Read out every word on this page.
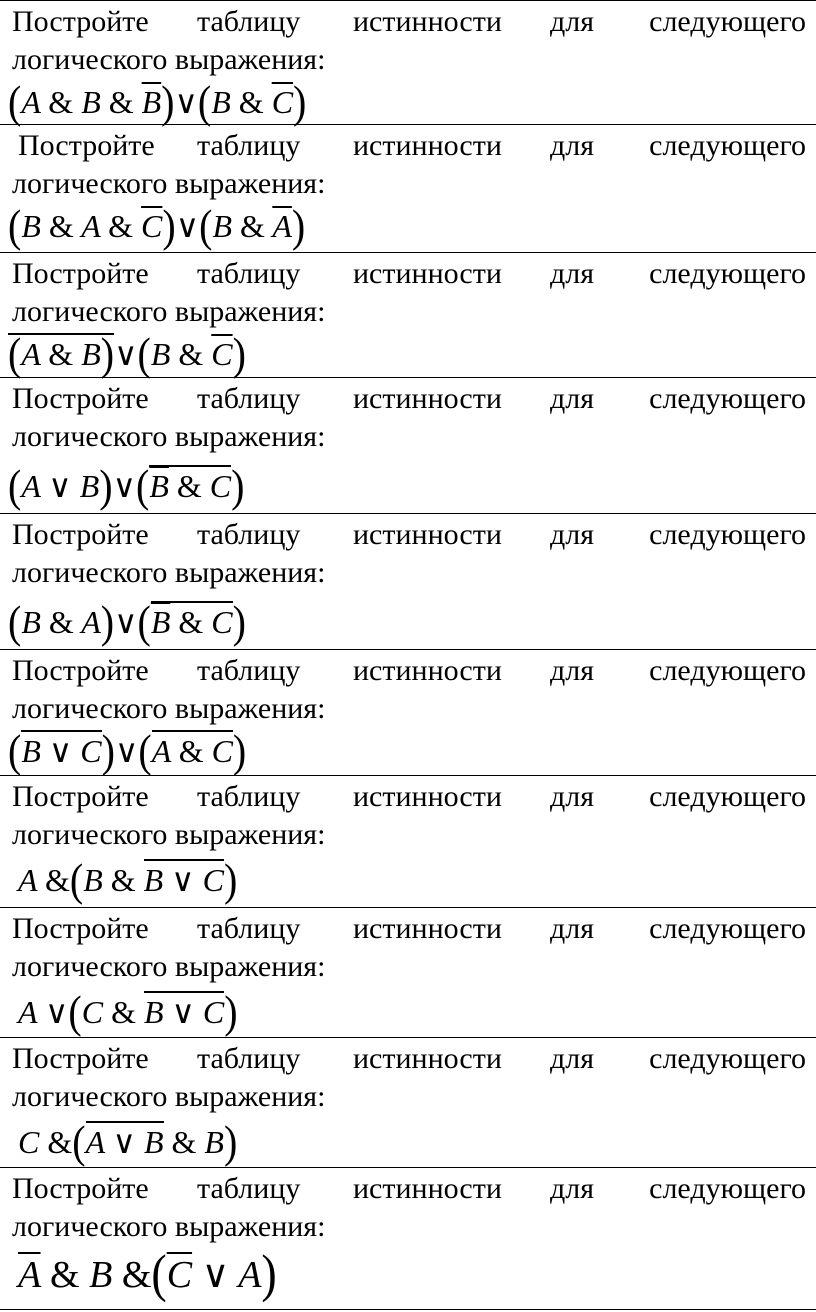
Постройте таблицу истинности для следующего
логического выражения:
(A & B & $\overline{B})\vee(B$ & $\overline{C}$)
Постройте таблицу истинности для следующего
логического выражения:
(B & A & $\overline{C})\vee(B$ & $\overline{A}$)
Постройте таблицу истинности для следующего
логического выражения:
(A & B)∨(B & $\overline{C}$)
Постройте таблицу истинности для следующего
логического выражения:
(A ∨ $B)\vee(\overline{B}$ & C)
Постройте таблицу истинности для следующего
логического выражения:
(B & $A)\vee(\overline{B}$ & C)
Постройте таблицу истинности для следующего
логического выражения:
(B ∨ C)∨(A & C)
Постройте таблицу истинности для следующего
логического выражения:
A &(B & B ∨ C)
Постройте таблицу истинности для следующего
логического выражения:
A ∨(C & B ∨ C)
Постройте таблицу истинности для следующего
логического выражения:
C &(A ∨ B & B)
Постройте таблицу истинности для следующего
логического выражения:
$\overline{A}$ & B $\&(\overline{C}$ ∨ A)
